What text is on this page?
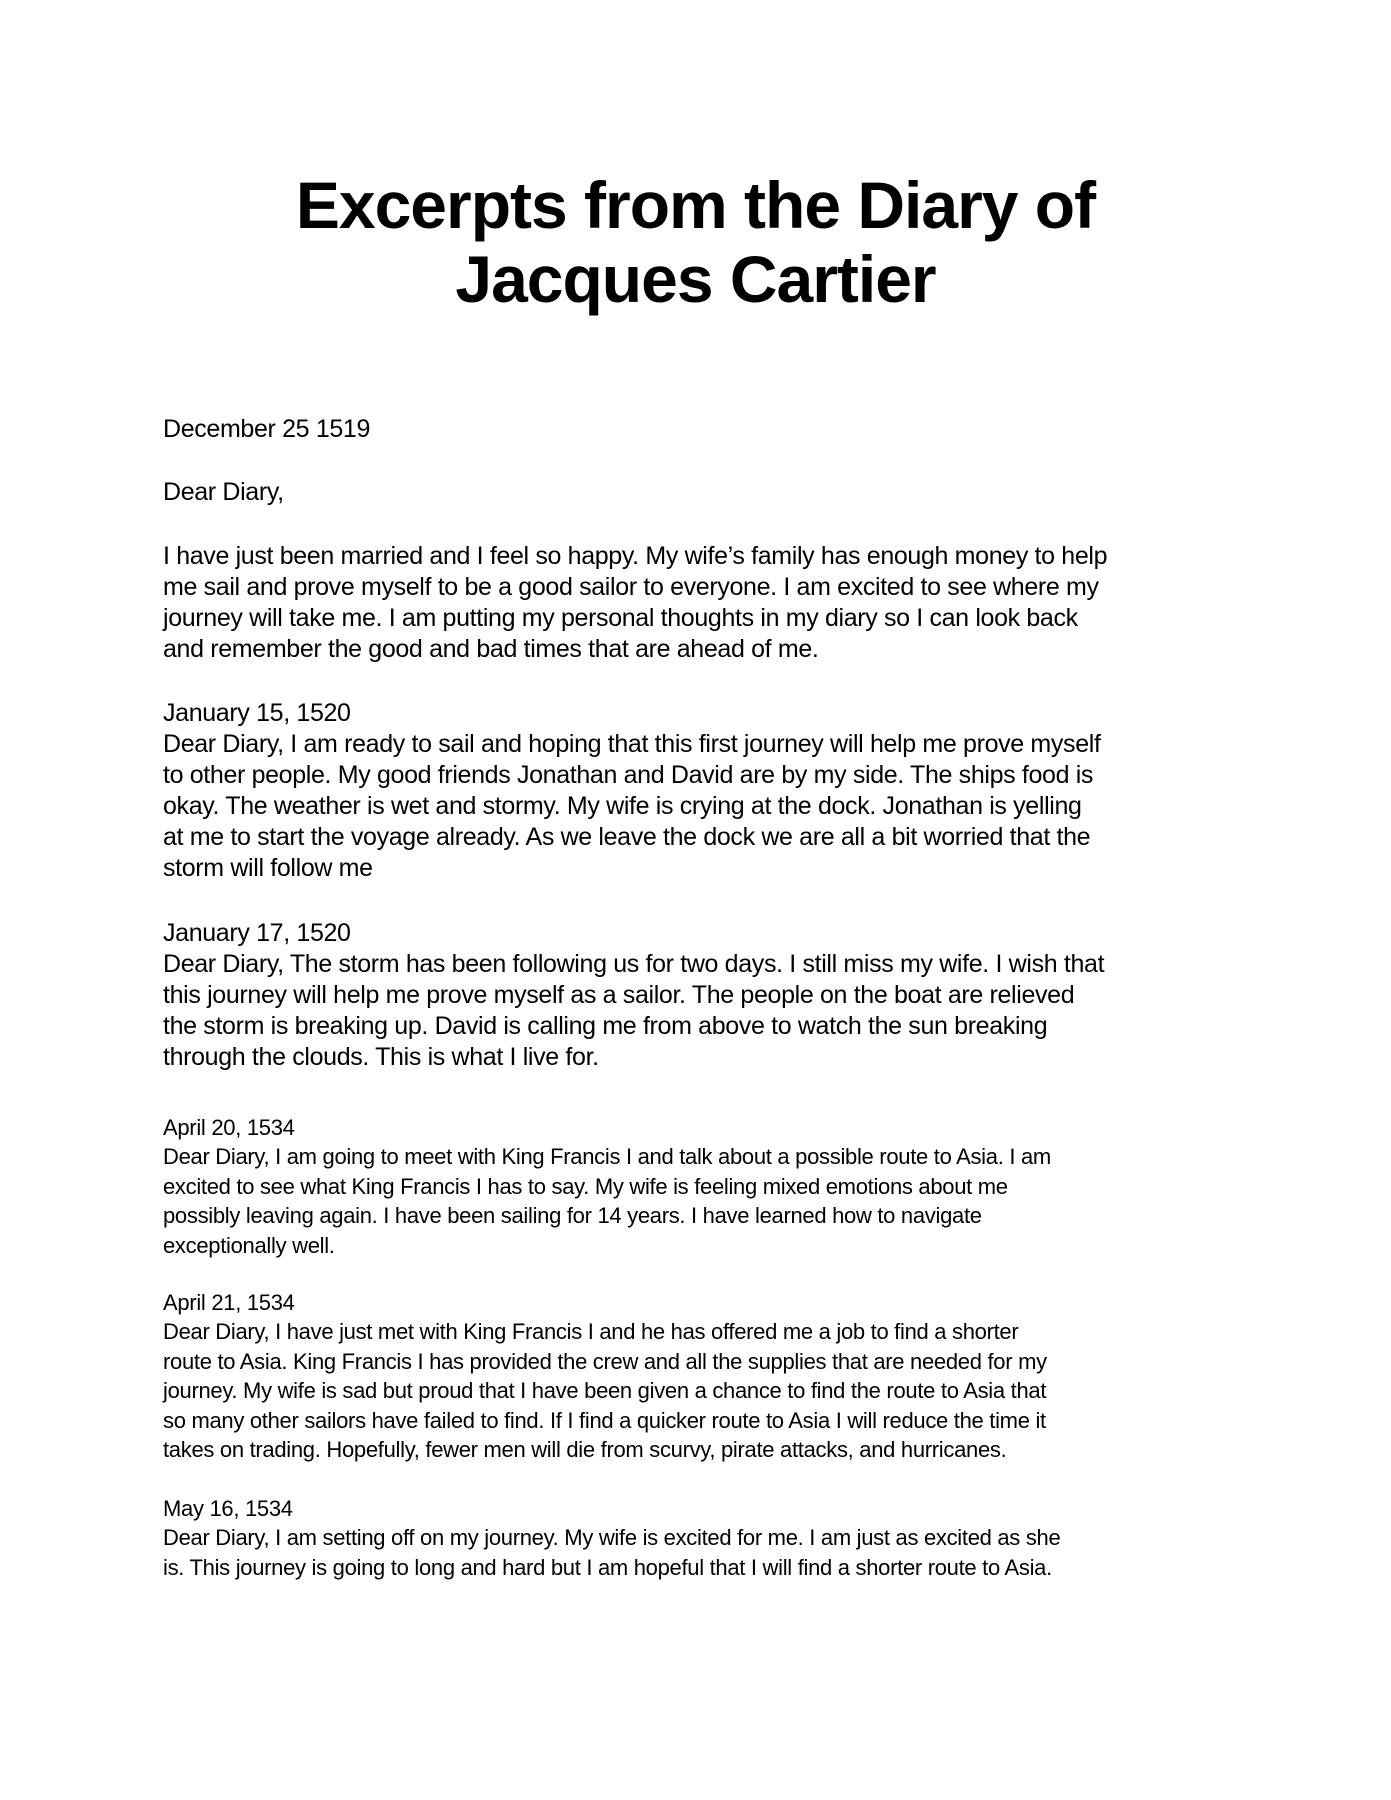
Excerpts from the Diary of
Jacques Cartier
December 25 1519
Dear Diary,
I have just been married and I feel so happy. My wife’s family has enough money to help
me sail and prove myself to be a good sailor to everyone. I am excited to see where my
journey will take me. I am putting my personal thoughts in my diary so I can look back
and remember the good and bad times that are ahead of me.
January 15, 1520
Dear Diary, I am ready to sail and hoping that this first journey will help me prove myself
to other people. My good friends Jonathan and David are by my side. The ships food is
okay. The weather is wet and stormy. My wife is crying at the dock. Jonathan is yelling
at me to start the voyage already. As we leave the dock we are all a bit worried that the
storm will follow me
January 17, 1520
Dear Diary, The storm has been following us for two days. I still miss my wife. I wish that
this journey will help me prove myself as a sailor. The people on the boat are relieved
the storm is breaking up. David is calling me from above to watch the sun breaking
through the clouds. This is what I live for.
April 20, 1534
Dear Diary, I am going to meet with King Francis I and talk about a possible route to Asia. I am
excited to see what King Francis I has to say. My wife is feeling mixed emotions about me
possibly leaving again. I have been sailing for 14 years. I have learned how to navigate
exceptionally well.
April 21, 1534
Dear Diary, I have just met with King Francis I and he has offered me a job to find a shorter
route to Asia. King Francis I has provided the crew and all the supplies that are needed for my
journey. My wife is sad but proud that I have been given a chance to find the route to Asia that
so many other sailors have failed to find. If I find a quicker route to Asia I will reduce the time it
takes on trading. Hopefully, fewer men will die from scurvy, pirate attacks, and hurricanes.
May 16, 1534
Dear Diary, I am setting off on my journey. My wife is excited for me. I am just as excited as she
is. This journey is going to long and hard but I am hopeful that I will find a shorter route to Asia.
